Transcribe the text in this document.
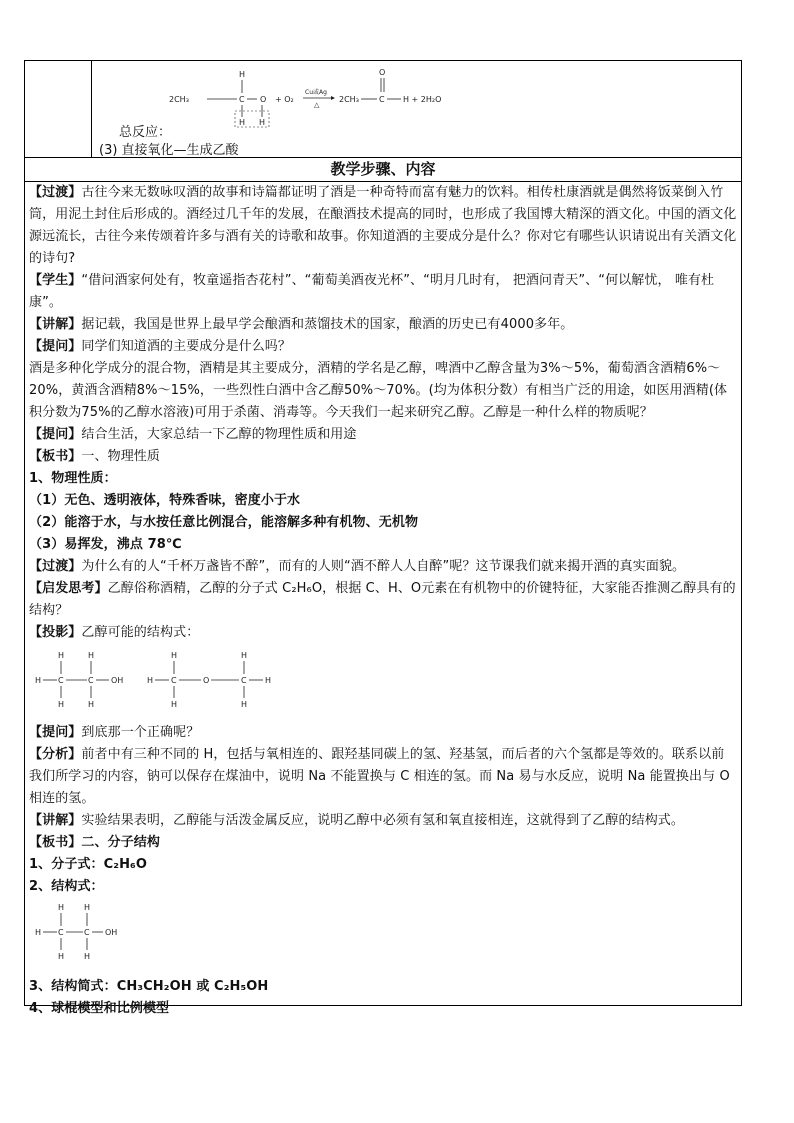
2CH₃
H
C O
H H
+ O₂
Cu或Ag
△
2CH₃	C
O
H + 2H₂O
总反应：
(3) 直接氧化—生成乙酸
教学步骤、内容

【过渡】古往今来无数咏叹酒的故事和诗篇都证明了酒是一种奇特而富有魅力的饮料。相传杜康酒就是偶然将饭菜倒入竹筒，用泥土封住后形成的。酒经过几千年的发展，在酿酒技术提高的同时，也形成了我国博大精深的酒文化。中国的酒文化源远流长，古往今来传颂着许多与酒有关的诗歌和故事。你知道酒的主要成分是什么？你对它有哪些认识请说出有关酒文化的诗句?

【学生】“借问酒家何处有，牧童遥指杏花村”、“葡萄美酒夜光杯”、“明月几时有， 把酒问青天”、“何以解忧， 唯有杜康”。

【讲解】据记载，我国是世界上最早学会酿酒和蒸馏技术的国家，酿酒的历史已有4000多年。

【提问】同学们知道酒的主要成分是什么吗？

酒是多种化学成分的混合物，酒精是其主要成分，酒精的学名是乙醇，啤酒中乙醇含量为3%～5%，葡萄酒含酒精6%～20%，黄酒含酒精8%～15%，一些烈性白酒中含乙醇50%～70%。(均为体积分数）有相当广泛的用途，如医用酒精(体积分数为75%的乙醇水溶液)可用于杀菌、消毒等。今天我们一起来研究乙醇。乙醇是一种什么样的物质呢？

【提问】结合生活，大家总结一下乙醇的物理性质和用途

【板书】一、物理性质

1、物理性质：

（1）无色、透明液体，特殊香味，密度小于水

（2）能溶于水，与水按任意比例混合，能溶解多种有机物、无机物

（3）易挥发，沸点 78℃

【过渡】为什么有的人“千杯万盏皆不醉”，而有的人则“酒不醉人人自醉”呢？这节课我们就来揭开酒的真实面貌。

【启发思考】乙醇俗称酒精，乙醇的分子式 C₂H₆O，根据 C、H、O元素在有机物中的价键特征，大家能否推测乙醇具有的结构？

【投影】乙醇可能的结构式：

H	H
H C	C OH
H	H
H	H
H C	O	C H
H	H

【提问】到底那一个正确呢？

【分析】前者中有三种不同的 H，包括与氧相连的、跟羟基同碳上的氢、羟基氢，而后者的六个氢都是等效的。联系以前我们所学习的内容，钠可以保存在煤油中，说明 Na 不能置换与 C 相连的氢。而 Na 易与水反应，说明 Na 能置换出与 O 相连的氢。

【讲解】实验结果表明，乙醇能与活泼金属反应，说明乙醇中必须有氢和氧直接相连，这就得到了乙醇的结构式。

【板书】二、分子结构

1、分子式：C₂H₆O

2、结构式：

H H
H C	C OH
H H

3、结构简式：CH₃CH₂OH 或 C₂H₅OH

4、球棍模型和比例模型
